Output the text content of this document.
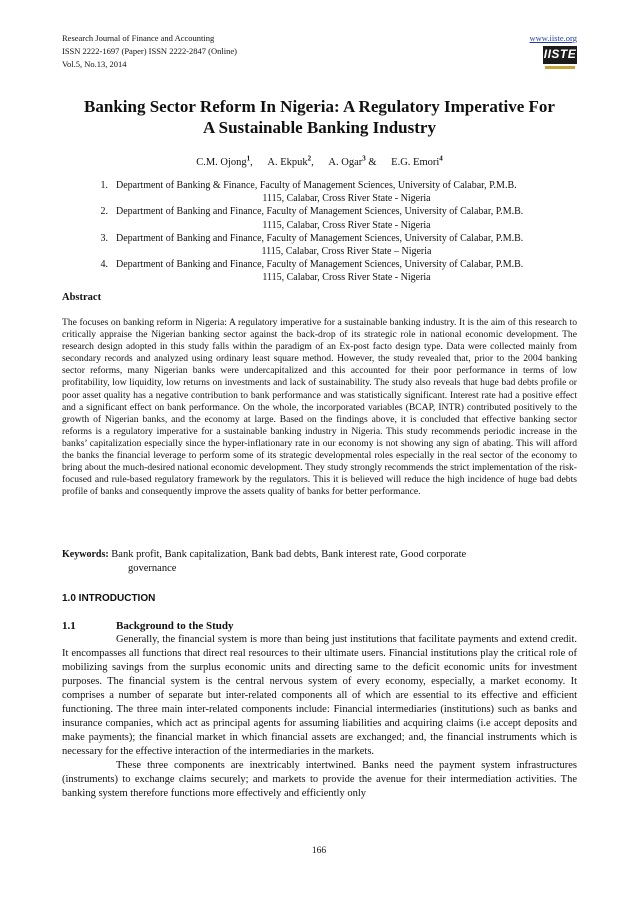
Research Journal of Finance and Accounting
ISSN 2222-1697 (Paper) ISSN 2222-2847 (Online)
Vol.5, No.13, 2014
www.iiste.org
IISTE
Banking Sector Reform In Nigeria: A Regulatory Imperative For
A Sustainable Banking Industry
C.M. Ojong$^1$, A. Ekpuk$^2$, A. Ogar$^3$ & E.G. Emori$^4$
1. Department of Banking & Finance, Faculty of Management Sciences, University of Calabar, P.M.B.
1115, Calabar, Cross River State - Nigeria
2. Department of Banking and Finance, Faculty of Management Sciences, University of Calabar, P.M.B.
1115, Calabar, Cross River State - Nigeria
3. Department of Banking and Finance, Faculty of Management Sciences, University of Calabar, P.M.B.
1115, Calabar, Cross River State – Nigeria
4. Department of Banking and Finance, Faculty of Management Sciences, University of Calabar, P.M.B.
1115, Calabar, Cross River State - Nigeria
Abstract
The focuses on banking reform in Nigeria: A regulatory imperative for a sustainable banking industry. It is the aim of this research to critically appraise the Nigerian banking sector against the back-drop of its strategic role in national economic development. The research design adopted in this study falls within the paradigm of an Ex-post facto design type. Data were collected mainly from secondary records and analyzed using ordinary least square method. However, the study revealed that, prior to the 2004 banking sector reforms, many Nigerian banks were undercapitalized and this accounted for their poor performance in terms of low profitability, low liquidity, low returns on investments and lack of sustainability. The study also reveals that huge bad debts profile or poor asset quality has a negative contribution to bank performance and was statistically significant. Interest rate had a positive effect and a significant effect on bank performance. On the whole, the incorporated variables (BCAP, INTR) contributed positively to the growth of Nigerian banks, and the economy at large. Based on the findings above, it is concluded that effective banking sector reforms is a regulatory imperative for a sustainable banking industry in Nigeria. This study recommends periodic increase in the banks’ capitalization especially since the hyper-inflationary rate in our economy is not showing any sign of abating. This will afford the banks the financial leverage to perform some of its strategic developmental roles especially in the real sector of the economy to bring about the much-desired national economic development. They study strongly recommends the strict implementation of the risk-focused and rule-based regulatory framework by the regulators. This it is believed will reduce the high incidence of huge bad debts profile of banks and consequently improve the assets quality of banks for better performance.
Keywords: Bank profit, Bank capitalization, Bank bad debts, Bank interest rate, Good corporate
governance
1.0 INTRODUCTION
1.1	Background to the Study

Generally, the financial system is more than being just institutions that facilitate payments and extend credit. It encompasses all functions that direct real resources to their ultimate users. Financial institutions play the critical role of mobilizing savings from the surplus economic units and directing same to the deficit economic units for investment purposes. The financial system is the central nervous system of every economy, especially, a market economy. It comprises a number of separate but inter-related components all of which are essential to its effective and efficient functioning. The three main inter-related components include: Financial intermediaries (institutions) such as banks and insurance companies, which act as principal agents for assuming liabilities and acquiring claims (i.e accept deposits and make payments); the financial market in which financial assets are exchanged; and, the financial instruments which is necessary for the effective interaction of the intermediaries in the markets.

These three components are inextricably intertwined. Banks need the payment system infrastructures (instruments) to exchange claims securely; and markets to provide the avenue for their intermediation activities. The banking system therefore functions more effectively and efficiently only

166
